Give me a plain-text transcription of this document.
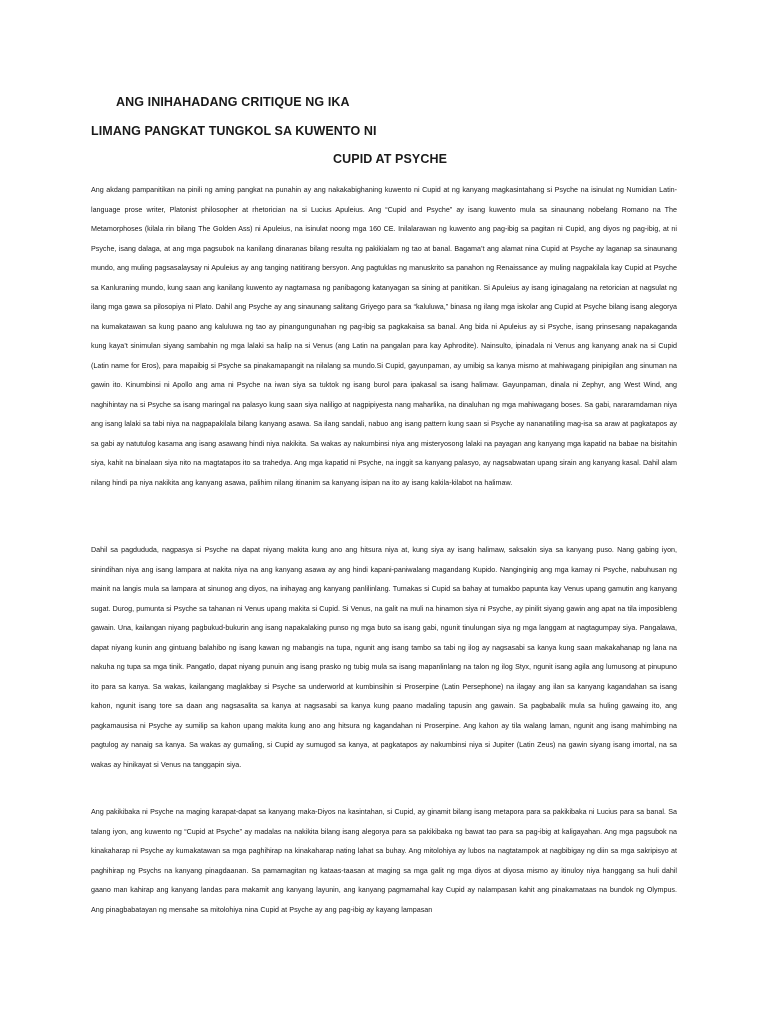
ANG INIHAHADANG CRITIQUE NG IKA
LIMANG PANGKAT TUNGKOL SA KUWENTO NI
CUPID AT PSYCHE

Ang akdang pampanitikan na pinili ng aming pangkat na punahin ay ang nakakabighaning kuwento ni Cupid at ng kanyang magkasintahang si Psyche na isinulat ng Numidian Latin-language prose writer, Platonist philosopher at rhetorician na si Lucius Apuleius. Ang “Cupid and Psyche” ay isang kuwento mula sa sinaunang nobelang Romano na The Metamorphoses (kilala rin bilang The Golden Ass) ni Apuleius, na isinulat noong mga 160 CE. Inilalarawan ng kuwento ang pag-ibig sa pagitan ni Cupid, ang diyos ng pag-ibig, at ni Psyche, isang dalaga, at ang mga pagsubok na kanilang dinaranas bilang resulta ng pakikialam ng tao at banal. Bagama’t ang alamat nina Cupid at Psyche ay laganap sa sinaunang mundo, ang muling pagsasalaysay ni Apuleius ay ang tanging natitirang bersyon. Ang pagtuklas ng manuskrito sa panahon ng Renaissance ay muling nagpakilala kay Cupid at Psyche sa Kanluraning mundo, kung saan ang kanilang kuwento ay nagtamasa ng panibagong katanyagan sa sining at panitikan. Si Apuleius ay isang iginagalang na retorician at nagsulat ng ilang mga gawa sa pilosopiya ni Plato. Dahil ang Psyche ay ang sinaunang salitang Griyego para sa “kaluluwa,” binasa ng ilang mga iskolar ang Cupid at Psyche bilang isang alegorya na kumakatawan sa kung paano ang kaluluwa ng tao ay pinangungunahan ng pag-ibig sa pagkakaisa sa banal. Ang bida ni Apuleius ay si Psyche, isang prinsesang napakaganda kung kaya’t sinimulan siyang sambahin ng mga lalaki sa halip na si Venus (ang Latin na pangalan para kay Aphrodite). Nainsulto, ipinadala ni Venus ang kanyang anak na si Cupid (Latin name for Eros), para mapaibig si Psyche sa pinakamapangit na nilalang sa mundo.Si Cupid, gayunpaman, ay umibig sa kanya mismo at mahiwagang pinipigilan ang sinuman na gawin ito. Kinumbinsi ni Apollo ang ama ni Psyche na iwan siya sa tuktok ng isang burol para ipakasal sa isang halimaw. Gayunpaman, dinala ni Zephyr, ang West Wind, ang naghihintay na si Psyche sa isang maringal na palasyo kung saan siya naliligo at nagpipiyesta nang maharlika, na dinaluhan ng mga mahiwagang boses. Sa gabi, nararamdaman niya ang isang lalaki sa tabi niya na nagpapakilala bilang kanyang asawa. Sa ilang sandali, nabuo ang isang pattern kung saan si Psyche ay nananatiling mag-isa sa araw at pagkatapos ay sa gabi ay natutulog kasama ang isang asawang hindi niya nakikita. Sa wakas ay nakumbinsi niya ang misteryosong lalaki na payagan ang kanyang mga kapatid na babae na bisitahin siya, kahit na binalaan siya nito na magtatapos ito sa trahedya. Ang mga kapatid ni Psyche, na inggit sa kanyang palasyo, ay nagsabwatan upang sirain ang kanyang kasal. Dahil alam nilang hindi pa niya nakikita ang kanyang asawa, palihim nilang itinanim sa kanyang isipan na ito ay isang kakila-kilabot na halimaw.

Dahil sa pagdududa, nagpasya si Psyche na dapat niyang makita kung ano ang hitsura niya at, kung siya ay isang halimaw, saksakin siya sa kanyang puso. Nang gabing iyon, sinindihan niya ang isang lampara at nakita niya na ang kanyang asawa ay ang hindi kapani-paniwalang magandang Kupido. Nanginginig ang mga kamay ni Psyche, nabuhusan ng mainit na langis mula sa lampara at sinunog ang diyos, na inihayag ang kanyang panlilinlang. Tumakas si Cupid sa bahay at tumakbo papunta kay Venus upang gamutin ang kanyang sugat. Durog, pumunta si Psyche sa tahanan ni Venus upang makita si Cupid. Si Venus, na galit na muli na hinamon siya ni Psyche, ay pinilit siyang gawin ang apat na tila imposibleng gawain. Una, kailangan niyang pagbukud-bukurin ang isang napakalaking punso ng mga buto sa isang gabi, ngunit tinulungan siya ng mga langgam at nagtagumpay siya. Pangalawa, dapat niyang kunin ang gintuang balahibo ng isang kawan ng mabangis na tupa, ngunit ang isang tambo sa tabi ng ilog ay nagsasabi sa kanya kung saan makakahanap ng lana na nakuha ng tupa sa mga tinik. Pangatlo, dapat niyang punuin ang isang prasko ng tubig mula sa isang mapanlinlang na talon ng ilog Styx, ngunit isang agila ang lumusong at pinupuno ito para sa kanya. Sa wakas, kailangang maglakbay si Psyche sa underworld at kumbinsihin si Proserpine (Latin Persephone) na ilagay ang ilan sa kanyang kagandahan sa isang kahon, ngunit isang tore sa daan ang nagsasalita sa kanya at nagsasabi sa kanya kung paano madaling tapusin ang gawain. Sa pagbabalik mula sa huling gawaing ito, ang pagkamausisa ni Psyche ay sumilip sa kahon upang makita kung ano ang hitsura ng kagandahan ni Proserpine. Ang kahon ay tila walang laman, ngunit ang isang mahimbing na pagtulog ay nanaig sa kanya. Sa wakas ay gumaling, si Cupid ay sumugod sa kanya, at pagkatapos ay nakumbinsi niya si Jupiter (Latin Zeus) na gawin siyang isang imortal, na sa wakas ay hinikayat si Venus na tanggapin siya.

Ang pakikibaka ni Psyche na maging karapat-dapat sa kanyang maka-Diyos na kasintahan, si Cupid, ay ginamit bilang isang metapora para sa pakikibaka ni Lucius para sa banal. Sa talang iyon, ang kuwento ng “Cupid at Psyche” ay madalas na nakikita bilang isang alegorya para sa pakikibaka ng bawat tao para sa pag-ibig at kaligayahan. Ang mga pagsubok na kinakaharap ni Psyche ay kumakatawan sa mga paghihirap na kinakaharap nating lahat sa buhay. Ang mitolohiya ay lubos na nagtatampok at nagbibigay ng diin sa mga sakripisyo at paghihirap ng Psychs na kanyang pinagdaanan. Sa pamamagitan ng kataas-taasan at maging sa mga galit ng mga diyos at diyosa mismo ay itinuloy niya hanggang sa huli dahil gaano man kahirap ang kanyang landas para makamit ang kanyang layunin, ang kanyang pagmamahal kay Cupid ay nalampasan kahit ang pinakamataas na bundok ng Olympus. Ang pinagbabatayan ng mensahe sa mitolohiya nina Cupid at Psyche ay ang pag-ibig ay kayang lampasan
